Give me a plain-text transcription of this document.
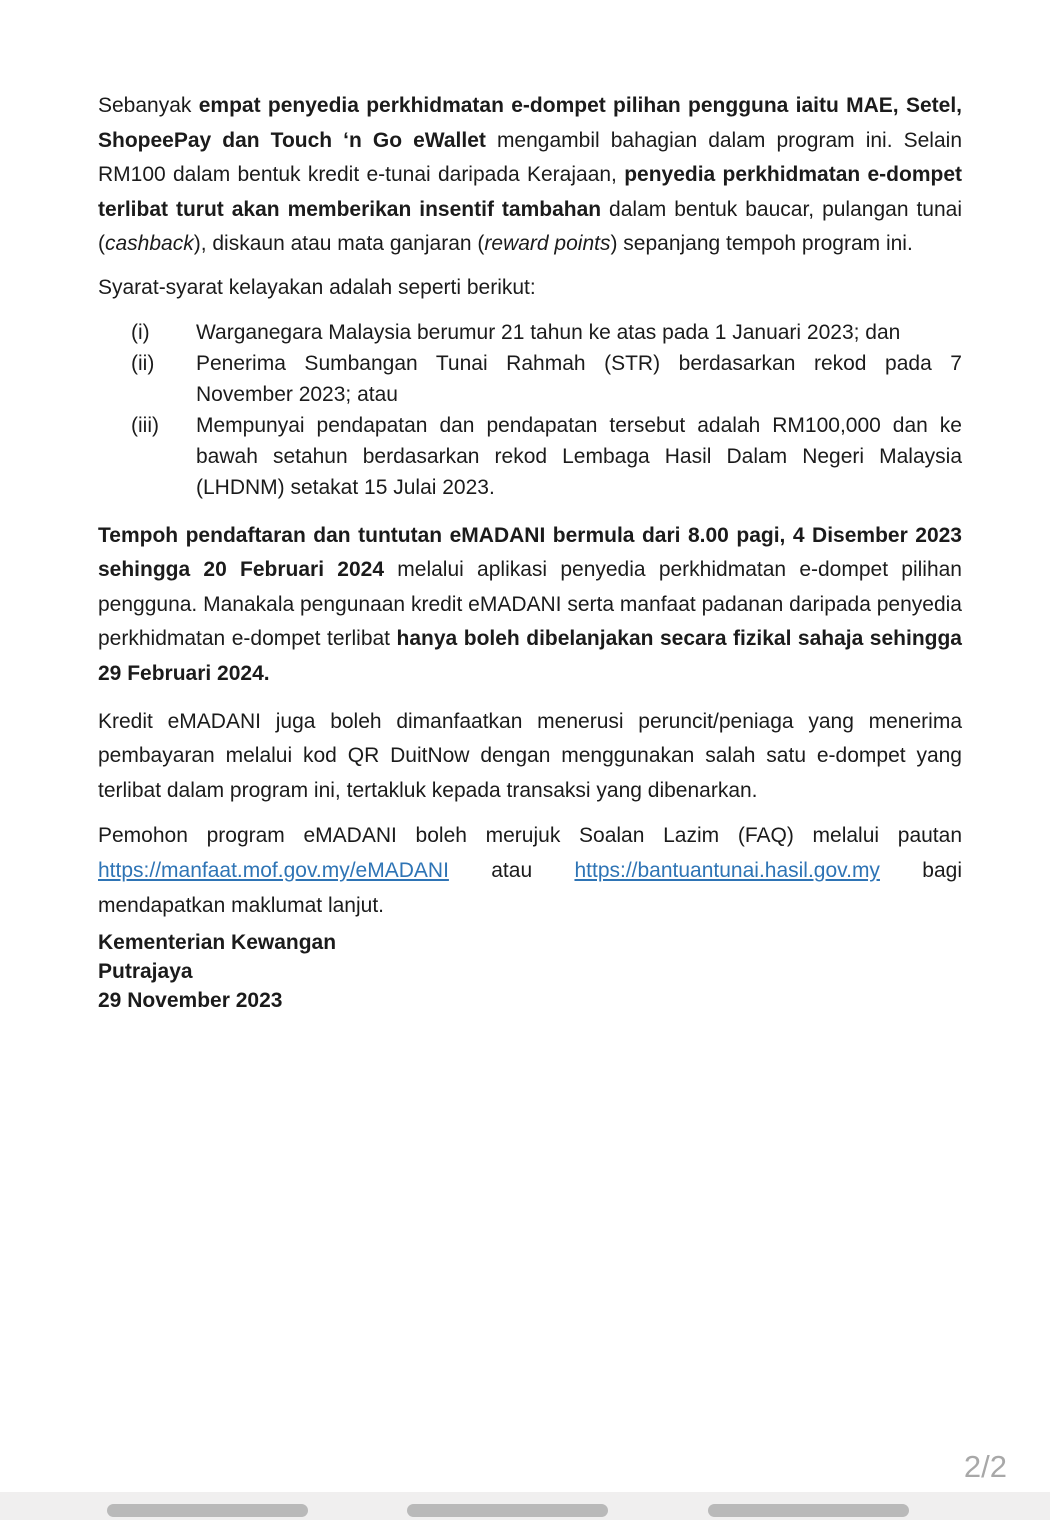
Sebanyak empat penyedia perkhidmatan e-dompet pilihan pengguna iaitu MAE, Setel, ShopeePay dan Touch ‘n Go eWallet mengambil bahagian dalam program ini. Selain RM100 dalam bentuk kredit e-tunai daripada Kerajaan, penyedia perkhidmatan e-dompet terlibat turut akan memberikan insentif tambahan dalam bentuk baucar, pulangan tunai (cashback), diskaun atau mata ganjaran (reward points) sepanjang tempoh program ini.

Syarat-syarat kelayakan adalah seperti berikut:

(i)	Warganegara Malaysia berumur 21 tahun ke atas pada 1 Januari 2023; dan
(ii)	Penerima Sumbangan Tunai Rahmah (STR) berdasarkan rekod pada 7 November 2023; atau
(iii)	Mempunyai pendapatan dan pendapatan tersebut adalah RM100,000 dan ke bawah setahun berdasarkan rekod Lembaga Hasil Dalam Negeri Malaysia (LHDNM) setakat 15 Julai 2023.

Tempoh pendaftaran dan tuntutan eMADANI bermula dari 8.00 pagi, 4 Disember 2023 sehingga 20 Februari 2024 melalui aplikasi penyedia perkhidmatan e-dompet pilihan pengguna. Manakala pengunaan kredit eMADANI serta manfaat padanan daripada penyedia perkhidmatan e-dompet terlibat hanya boleh dibelanjakan secara fizikal sahaja sehingga 29 Februari 2024.

Kredit eMADANI juga boleh dimanfaatkan menerusi peruncit/peniaga yang menerima pembayaran melalui kod QR DuitNow dengan menggunakan salah satu e-dompet yang terlibat dalam program ini, tertakluk kepada transaksi yang dibenarkan.

Pemohon program eMADANI boleh merujuk Soalan Lazim (FAQ) melalui pautan https://manfaat.mof.gov.my/eMADANI atau https://bantuantunai.hasil.gov.my bagi mendapatkan maklumat lanjut.

Kementerian Kewangan
Putrajaya
29 November 2023
2/2
